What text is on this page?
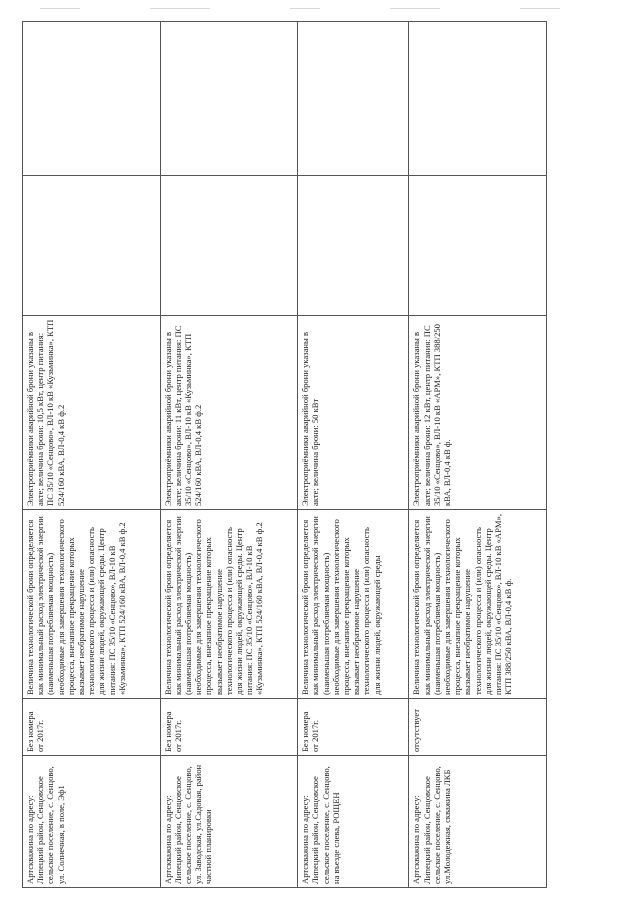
Артскважина по адресу: Липецкий район, Сенцовское сельское поселение, с. Сенцово, ул. Солнечная, в поле, Эф1	Без номера от 2017г.	Величина технологической брони определяется как минимальный расход электрической энергии (наименьшая потребляемая мощность) необходимые для завершения технологического процесса, внезапное прекращение которых вызывает необратимое нарушение технологического процесса и (или) опасность для жизни людей, окружающей среды. Центр питания: ПС 35/10 «Сенцово», ВЛ-10 кВ «Кузьминка», КТП 524/160 кВА, ВЛ-0,4 кВ ф.2	Электроприёмники аварийной брони указаны в акте; величина брони: 10,5 кВт, центр питания: ПС 35/10 «Сенцово», ВЛ-10 кВ «Кузьминка», КТП 524/160 кВА, ВЛ-0,4 кВ ф.2		
Артскважина по адресу: Липецкий район, Сенцовское сельское поселение, с. Сенцово, ул. Заводская, ул.Садовая, район частной планировки	Без номера от 2017г.	Величина технологической брони определяется как минимальный расход электрической энергии (наименьшая потребляемая мощность) необходимые для завершения технологического процесса, внезапное прекращение которых вызывает необратимое нарушение технологического процесса и (или) опасность для жизни людей, окружающей среды. Центр питания: ПС 35/10 «Сенцово», ВЛ-10 кВ «Кузьминка», КТП 524/160 кВА, ВЛ-0,4 кВ ф.2	Электроприёмники аварийной брони указаны в акте; величина брони: 11 кВт, центр питания: ПС 35/10 «Сенцово», ВЛ-10 кВ «Кузьминка», КТП 524/160 кВА, ВЛ-0,4 кВ ф.2		
Артскважина по адресу: Липецкий район, Сенцовское сельское поселение, с. Сенцово, на въезде слева, РОЩЕН	Без номера от 2017г.	Величина технологической брони определяется как минимальный расход электрической энергии (наименьшая потребляемая мощность) необходимые для завершения технологического процесса, внезапное прекращение которых вызывает необратимое нарушение технологического процесса и (или) опасность для жизни людей, окружающей среды	Электроприёмники аварийной брони указаны в акте; величина брони: 50 кВт		
Артскважина по адресу: Липецкий район, Сенцовское сельское поселение, с. Сенцово, ул.Молодежная, скважина ЛКБ	отсутствует	Величина технологической брони определяется как минимальный расход электрической энергии (наименьшая потребляемая мощность) необходимые для завершения технологического процесса, внезапное прекращение которых вызывает необратимое нарушение технологического процесса и (или) опасность для жизни людей, окружающей среды. Центр питания: ПС 35/10 «Сенцово», ВЛ-10 кВ «АРМ», КТП 388/250 кВА, ВЛ-0,4 кВ ф.	Электроприёмники аварийной брони указаны в акте; величина брони: 12 кВт, центр питания: ПС 35/10 «Сенцово», ВЛ-10 кВ «АРМ», КТП 388/250 кВА, ВЛ-0,4 кВ ф.		
